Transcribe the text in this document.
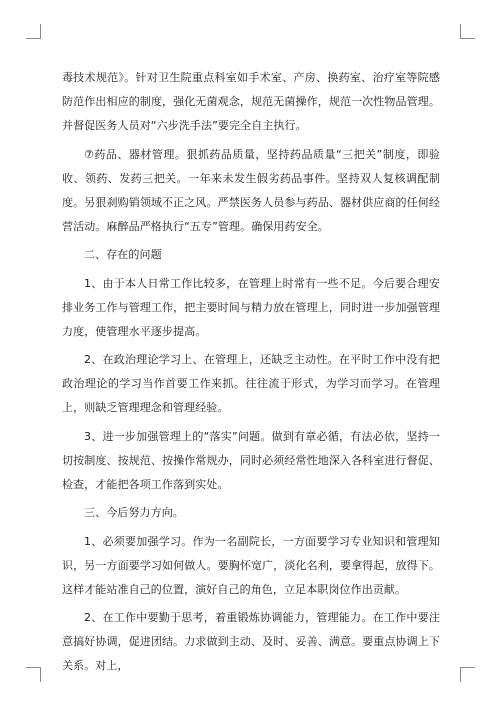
毒技术规范》。针对卫生院重点科室如手术室、产房、换药室、治疗室等院感防范作出相应的制度，强化无菌观念，规范无菌操作，规范一次性物品管理。并督促医务人员对“六步洗手法”要完全自主执行。

⑦药品、器材管理。狠抓药品质量，坚持药品质量“三把关”制度，即验收、领药、发药三把关。一年来未发生假劣药品事件。坚持双人复核调配制度。另狠刹购销领域不正之风。严禁医务人员参与药品、器材供应商的任何经营活动。麻醉品严格执行“五专”管理。确保用药安全。

二、存在的问题

1、由于本人日常工作比较多，在管理上时常有一些不足。今后要合理安排业务工作与管理工作，把主要时间与精力放在管理上，同时进一步加强管理力度，使管理水平逐步提高。

2、在政治理论学习上、在管理上，还缺乏主动性。在平时工作中没有把政治理论的学习当作首要工作来抓。往往流于形式，为学习而学习。在管理上，则缺乏管理理念和管理经验。

3、进一步加强管理上的“落实”问题。做到有章必循，有法必依，坚持一切按制度、按规范、按操作常规办，同时必须经常性地深入各科室进行督促、检查，才能把各项工作落到实处。

三、今后努力方向。

1、必须要加强学习。作为一名副院长，一方面要学习专业知识和管理知识，另一方面要学习如何做人。要胸怀宽广，淡化名利，要拿得起，放得下。这样才能站准自己的位置，演好自己的角色，立足本职岗位作出贡献。

2、在工作中要勤于思考，着重锻炼协调能力，管理能力。在工作中要注意搞好协调，促进团结。力求做到主动、及时、妥善、满意。要重点协调上下关系。对上，
